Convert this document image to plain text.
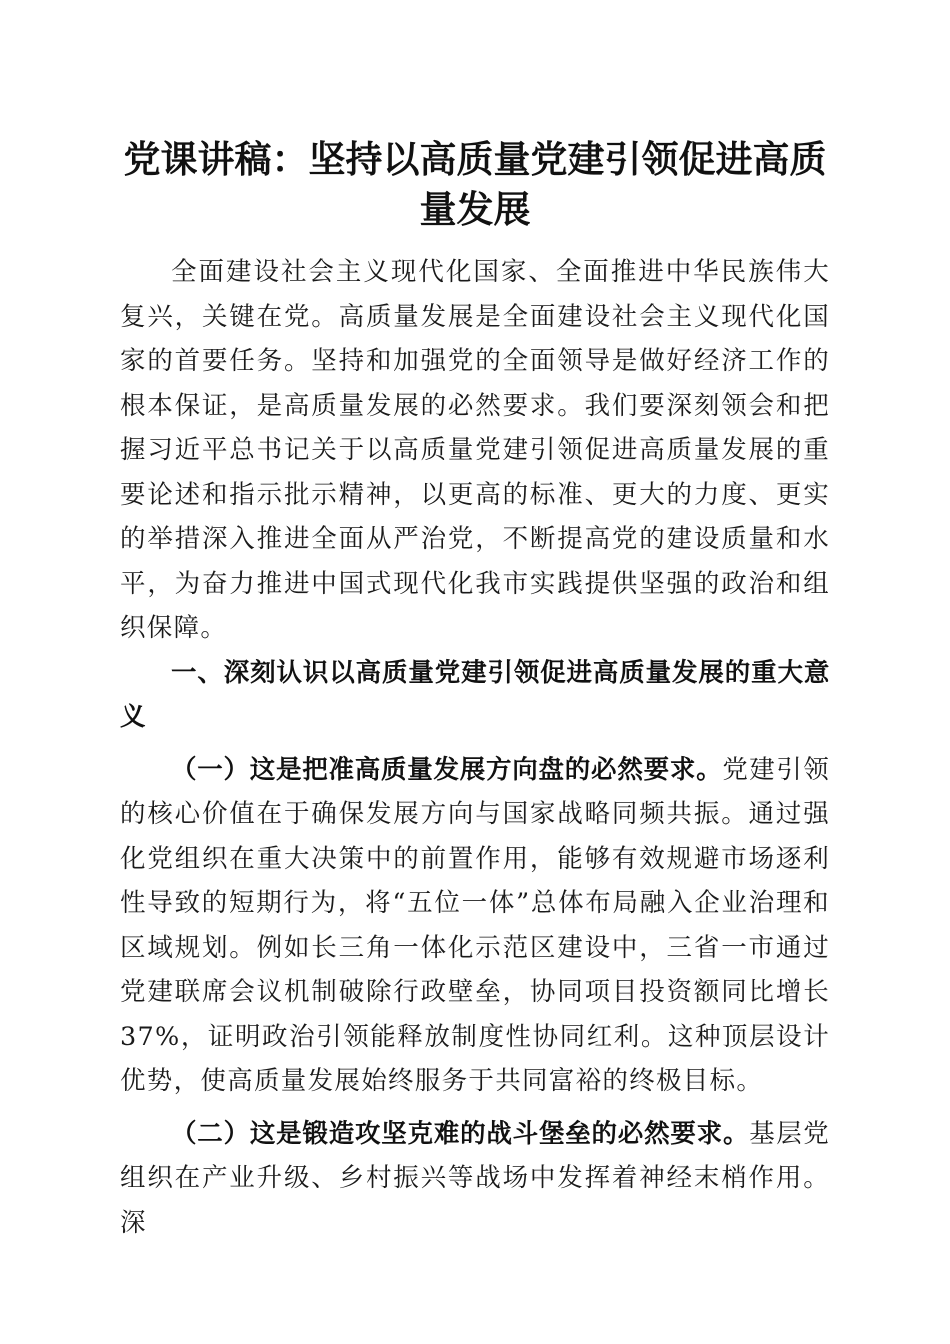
党课讲稿：坚持以高质量党建引领促进高质量发展

全面建设社会主义现代化国家、全面推进中华民族伟大复兴，关键在党。高质量发展是全面建设社会主义现代化国家的首要任务。坚持和加强党的全面领导是做好经济工作的根本保证，是高质量发展的必然要求。我们要深刻领会和把握习近平总书记关于以高质量党建引领促进高质量发展的重要论述和指示批示精神，以更高的标准、更大的力度、更实的举措深入推进全面从严治党，不断提高党的建设质量和水平，为奋力推进中国式现代化我市实践提供坚强的政治和组织保障。

一、深刻认识以高质量党建引领促进高质量发展的重大意义

（一）这是把准高质量发展方向盘的必然要求。党建引领的核心价值在于确保发展方向与国家战略同频共振。通过强化党组织在重大决策中的前置作用，能够有效规避市场逐利性导致的短期行为，将“五位一体”总体布局融入企业治理和区域规划。例如长三角一体化示范区建设中，三省一市通过党建联席会议机制破除行政壁垒，协同项目投资额同比增长37%，证明政治引领能释放制度性协同红利。这种顶层设计优势，使高质量发展始终服务于共同富裕的终极目标。

（二）这是锻造攻坚克难的战斗堡垒的必然要求。基层党组织在产业升级、乡村振兴等战场中发挥着神经末梢作用。深
